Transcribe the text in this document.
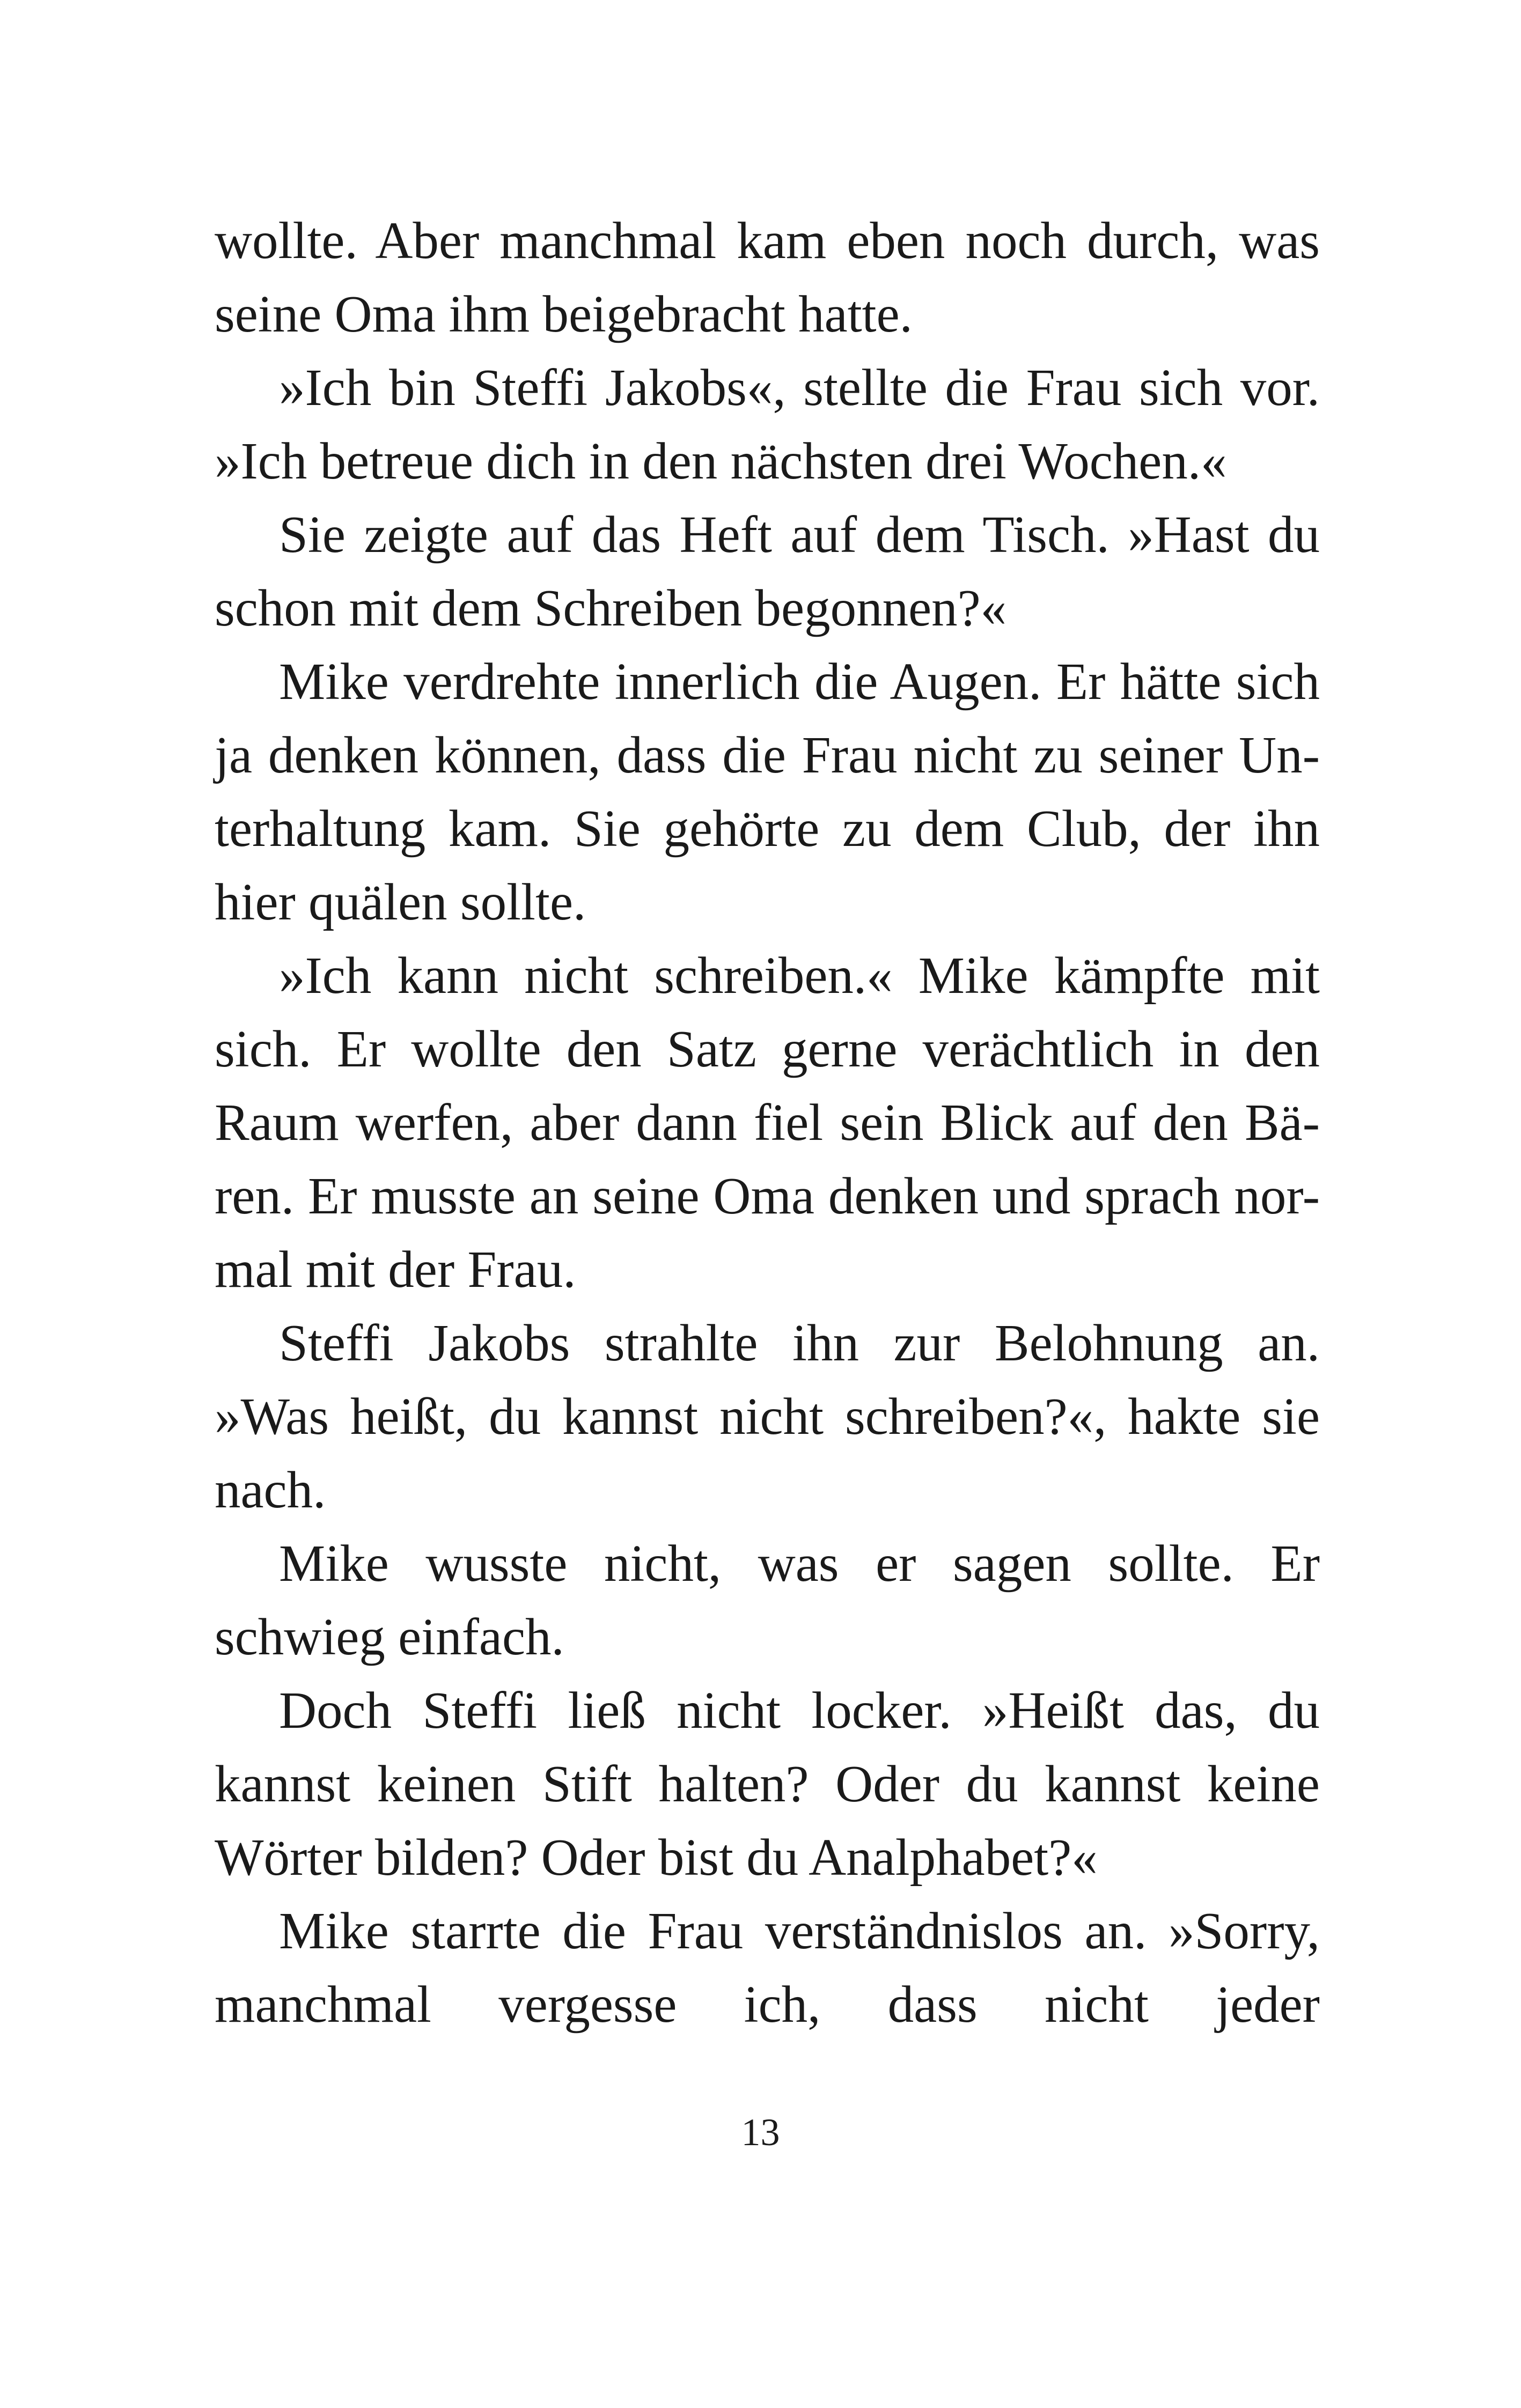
wollte. Aber manchmal kam eben noch durch, was
seine Oma ihm beigebracht hatte.
»Ich bin Steffi Jakobs«, stellte die Frau sich vor.
»Ich betreue dich in den nächsten drei Wochen.«
Sie zeigte auf das Heft auf dem Tisch. »Hast du
schon mit dem Schreiben begonnen?«
Mike verdrehte innerlich die Augen. Er hätte sich
ja denken können, dass die Frau nicht zu seiner Un-
terhaltung kam. Sie gehörte zu dem Club, der ihn
hier quälen sollte.
»Ich kann nicht schreiben.« Mike kämpfte mit
sich. Er wollte den Satz gerne verächtlich in den
Raum werfen, aber dann fiel sein Blick auf den Bä-
ren. Er musste an seine Oma denken und sprach nor-
mal mit der Frau.
Steffi Jakobs strahlte ihn zur Belohnung an.
»Was heißt, du kannst nicht schreiben?«, hakte sie
nach.
Mike wusste nicht, was er sagen sollte. Er
schwieg einfach.
Doch Steffi ließ nicht locker. »Heißt das, du
kannst keinen Stift halten? Oder du kannst keine
Wörter bilden? Oder bist du Analphabet?«
Mike starrte die Frau verständnislos an. »Sorry,
manchmal vergesse ich, dass nicht jeder
13
